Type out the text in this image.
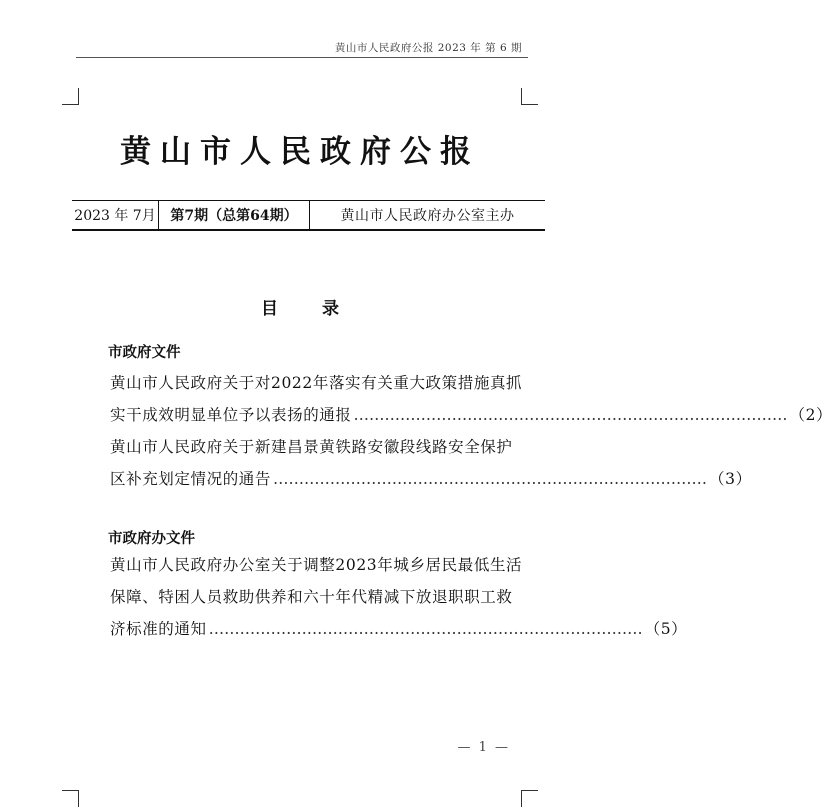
黄山市人民政府公报 2023 年 第 6 期
黄山市人民政府公报
2023 年 7月	第7期（总第64期）	黄山市人民政府办公室主办
目	录
市政府文件
黄山市人民政府关于对2022年落实有关重大政策措施真抓
实干成效明显单位予以表扬的通报 ………………………………………………………………………… （2）
黄山市人民政府关于新建昌景黄铁路安徽段线路安全保护
区补充划定情况的通告 ………………………………………………………………………… （3）
市政府办文件
黄山市人民政府办公室关于调整2023年城乡居民最低生活
保障、特困人员救助供养和六十年代精减下放退职职工救
济标准的通知 ………………………………………………………………………… （5）
— 1 —
